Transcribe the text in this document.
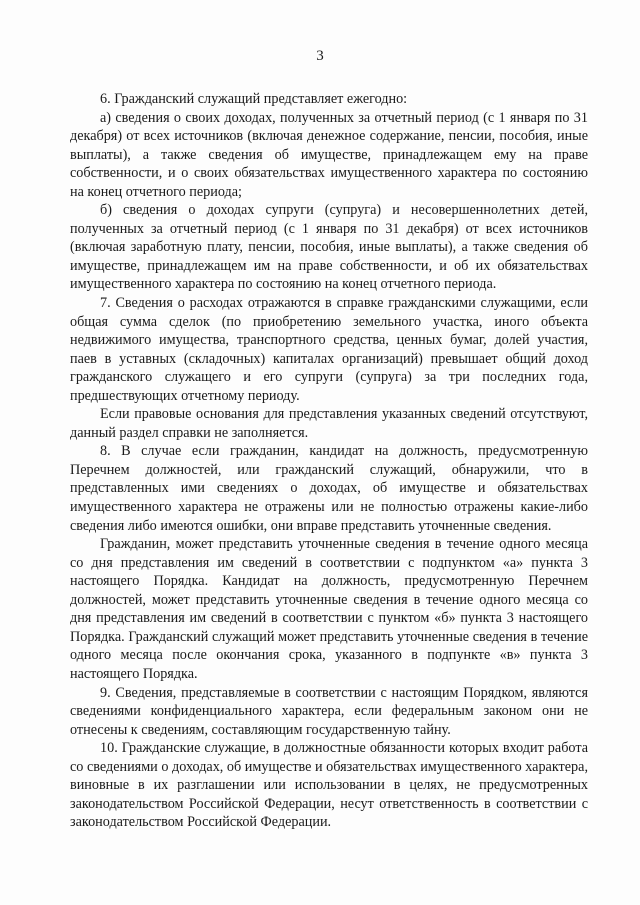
3

6. Гражданский служащий представляет ежегодно:

а) сведения о своих доходах, полученных за отчетный период (с 1 января по 31 декабря) от всех источников (включая денежное содержание, пенсии, пособия, иные выплаты), а также сведения об имуществе, принадлежащем ему на праве собственности, и о своих обязательствах имущественного характера по состоянию на конец отчетного периода;

б) сведения о доходах супруги (супруга) и несовершеннолетних детей, полученных за отчетный период (с 1 января по 31 декабря) от всех источников (включая заработную плату, пенсии, пособия, иные выплаты), а также сведения об имуществе, принадлежащем им на праве собственности, и об их обязательствах имущественного характера по состоянию на конец отчетного периода.

7. Сведения о расходах отражаются в справке гражданскими служащими, если общая сумма сделок (по приобретению земельного участка, иного объекта недвижимого имущества, транспортного средства, ценных бумаг, долей участия, паев в уставных (складочных) капиталах организаций) превышает общий доход гражданского служащего и его супруги (супруга) за три последних года, предшествующих отчетному периоду.

Если правовые основания для представления указанных сведений отсутствуют, данный раздел справки не заполняется.

8. В случае если гражданин, кандидат на должность, предусмотренную Перечнем должностей, или гражданский служащий, обнаружили, что в представленных ими сведениях о доходах, об имуществе и обязательствах имущественного характера не отражены или не полностью отражены какие-либо сведения либо имеются ошибки, они вправе представить уточненные сведения.

Гражданин, может представить уточненные сведения в течение одного месяца со дня представления им сведений в соответствии с подпунктом «а» пункта 3 настоящего Порядка. Кандидат на должность, предусмотренную Перечнем должностей, может представить уточненные сведения в течение одного месяца со дня представления им сведений в соответствии с пунктом «б» пункта 3 настоящего Порядка. Гражданский служащий может представить уточненные сведения в течение одного месяца после окончания срока, указанного в подпункте «в» пункта 3 настоящего Порядка.

9. Сведения, представляемые в соответствии с настоящим Порядком, являются сведениями конфиденциального характера, если федеральным законом они не отнесены к сведениям, составляющим государственную тайну.

10. Гражданские служащие, в должностные обязанности которых входит работа со сведениями о доходах, об имуществе и обязательствах имущественного характера, виновные в их разглашении или использовании в целях, не предусмотренных законодательством Российской Федерации, несут ответственность в соответствии с законодательством Российской Федерации.
